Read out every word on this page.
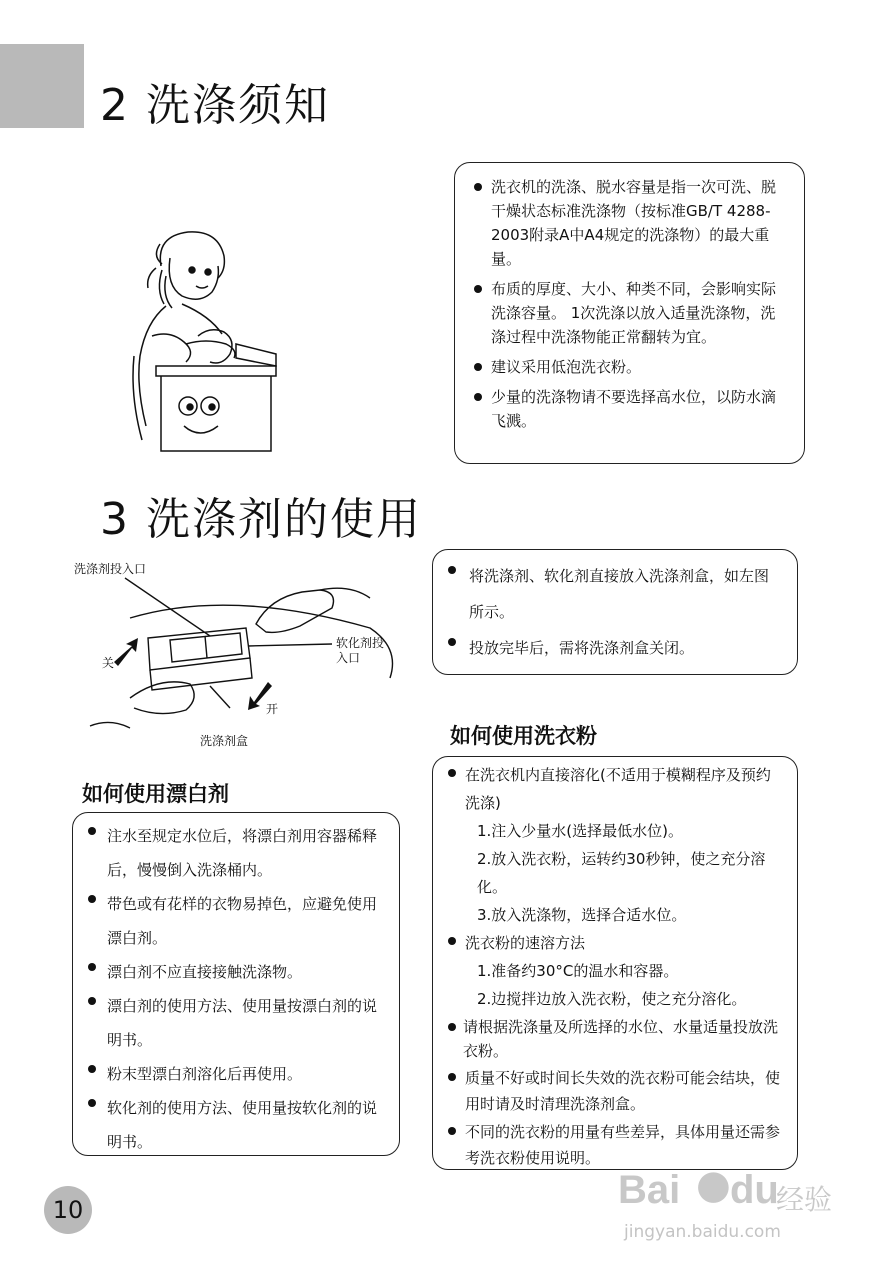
2 洗涤须知
洗衣机的洗涤、脱水容量是指一次可洗、脱干燥状态标准洗涤物（按标准GB/T 4288-2003附录A中A4规定的洗涤物）的最大重量。
布质的厚度、大小、种类不同，会影响实际洗涤容量。 1次洗涤以放入适量洗涤物，洗涤过程中洗涤物能正常翻转为宜。
建议采用低泡洗衣粉。
少量的洗涤物请不要选择高水位，以防水滴飞溅。
3 洗涤剂的使用
洗涤剂投入口
软化剂投入口
关
开
洗涤剂盒
将洗涤剂、软化剂直接放入洗涤剂盒，如左图所示。
投放完毕后，需将洗涤剂盒关闭。
如何使用漂白剂
注水至规定水位后，将漂白剂用容器稀释后，慢慢倒入洗涤桶内。
带色或有花样的衣物易掉色，应避免使用漂白剂。
漂白剂不应直接接触洗涤物。
漂白剂的使用方法、使用量按漂白剂的说明书。
粉末型漂白剂溶化后再使用。
软化剂的使用方法、使用量按软化剂的说明书。
如何使用洗衣粉
在洗衣机内直接溶化(不适用于模糊程序及预约洗涤)
1.注入少量水(选择最低水位)。
2.放入洗衣粉，运转约30秒钟，使之充分溶化。
3.放入洗涤物，选择合适水位。
洗衣粉的速溶方法
1.准备约30°C的温水和容器。
2.边搅拌边放入洗衣粉，使之充分溶化。
请根据洗涤量及所选择的水位、水量适量投放洗衣粉。
质量不好或时间长失效的洗衣粉可能会结块，使用时请及时清理洗涤剂盒。
不同的洗衣粉的用量有些差异，具体用量还需参考洗衣粉使用说明。
10	Bai ● du
经验
jingyan.baidu.com
